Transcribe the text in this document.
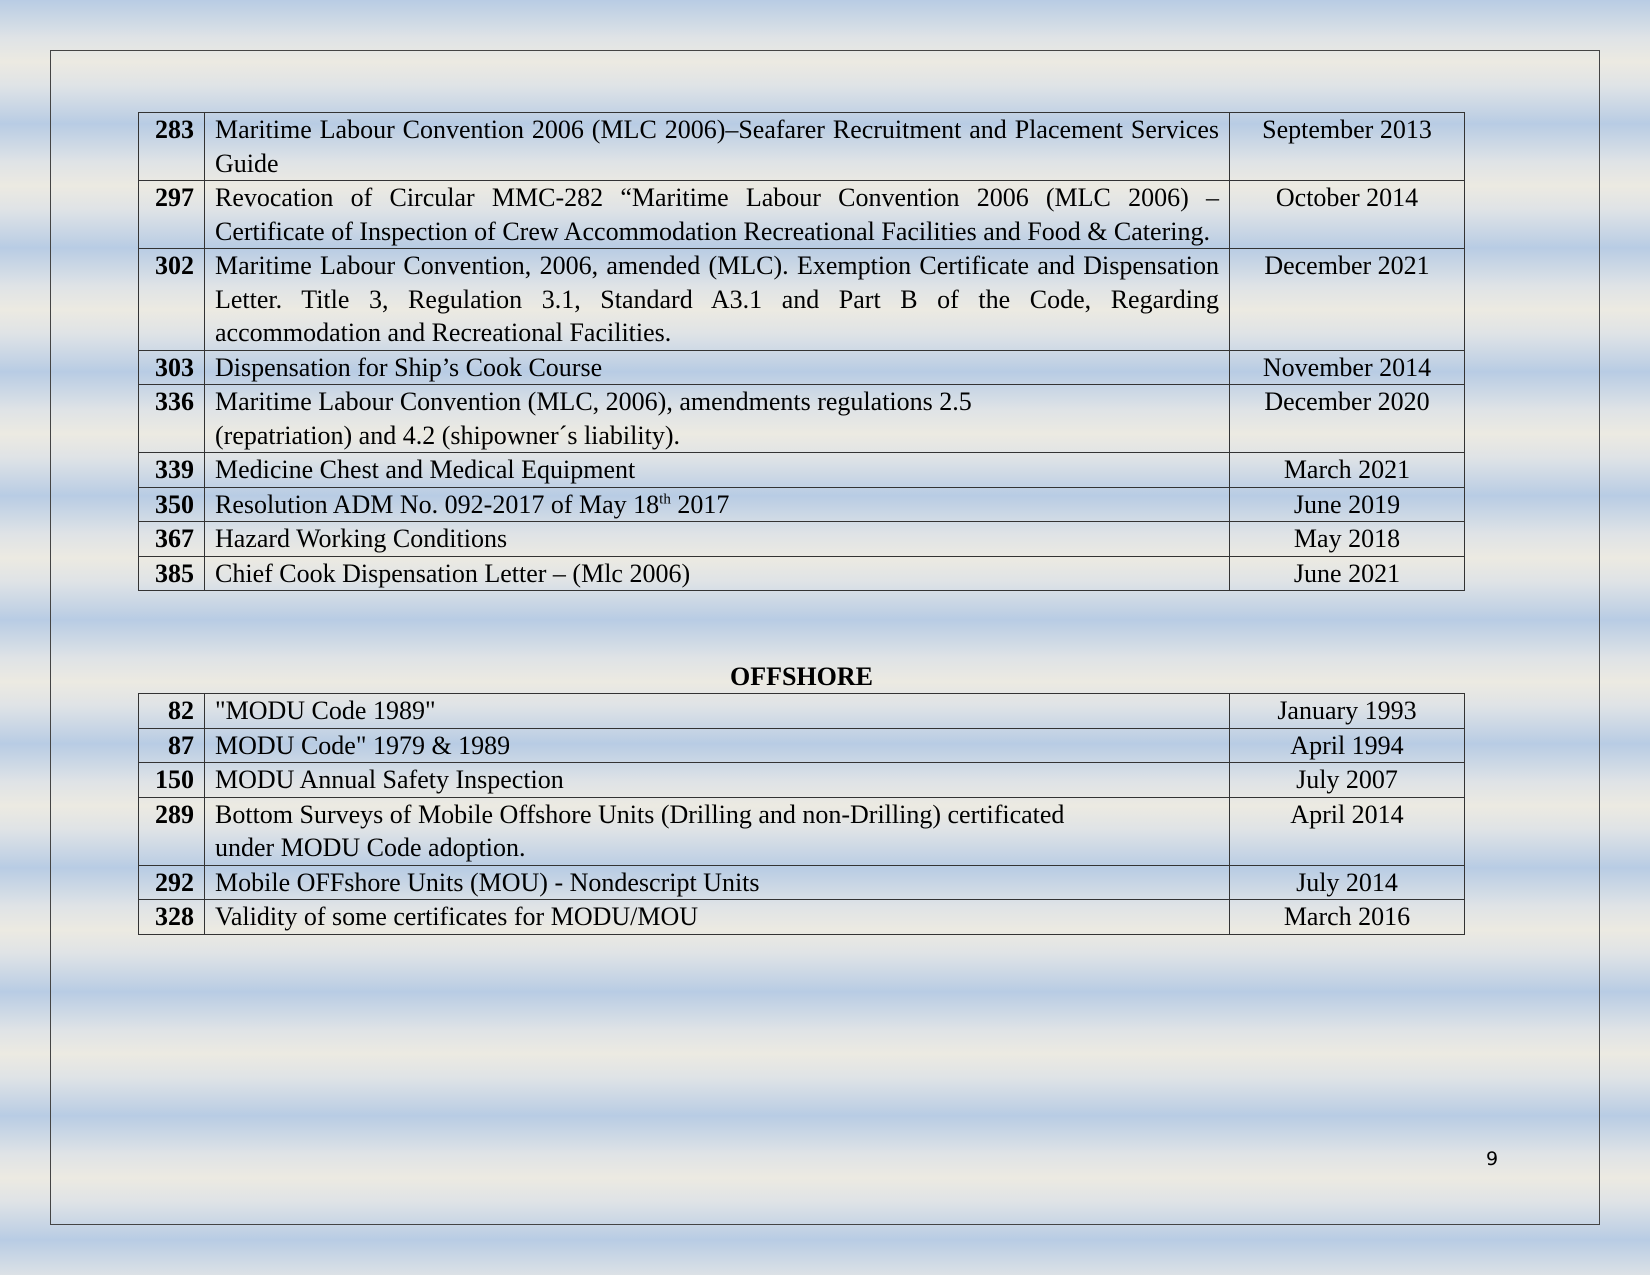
283	Maritime Labour Convention 2006 (MLC 2006)–Seafarer Recruitment and Placement Services Guide	September 2013
297	Revocation of Circular MMC-282 “Maritime Labour Convention 2006 (MLC 2006) – Certificate of Inspection of Crew Accommodation Recreational Facilities and Food & Catering.	October 2014
302	Maritime Labour Convention, 2006, amended (MLC). Exemption Certificate and Dispensation Letter. Title 3, Regulation 3.1, Standard A3.1 and Part B of the Code, Regarding accommodation and Recreational Facilities.	December 2021
303	Dispensation for Ship’s Cook Course	November 2014
336	Maritime Labour Convention (MLC, 2006), amendments regulations 2.5
(repatriation) and 4.2 (shipowner´s liability).	December 2020
339	Medicine Chest and Medical Equipment	March 2021
350	Resolution ADM No. 092-2017 of May 18th 2017	June 2019
367	Hazard Working Conditions	May 2018
385	Chief Cook Dispensation Letter – (Mlc 2006)	June 2021
OFFSHORE
82	"MODU Code 1989"	January 1993
87	MODU Code" 1979 & 1989	April 1994
150	MODU Annual Safety Inspection	July 2007
289	Bottom Surveys of Mobile Offshore Units (Drilling and non-Drilling) certificated
under MODU Code adoption.	April 2014
292	Mobile OFFshore Units (MOU) - Nondescript Units	July 2014
328	Validity of some certificates for MODU/MOU	March 2016
9
